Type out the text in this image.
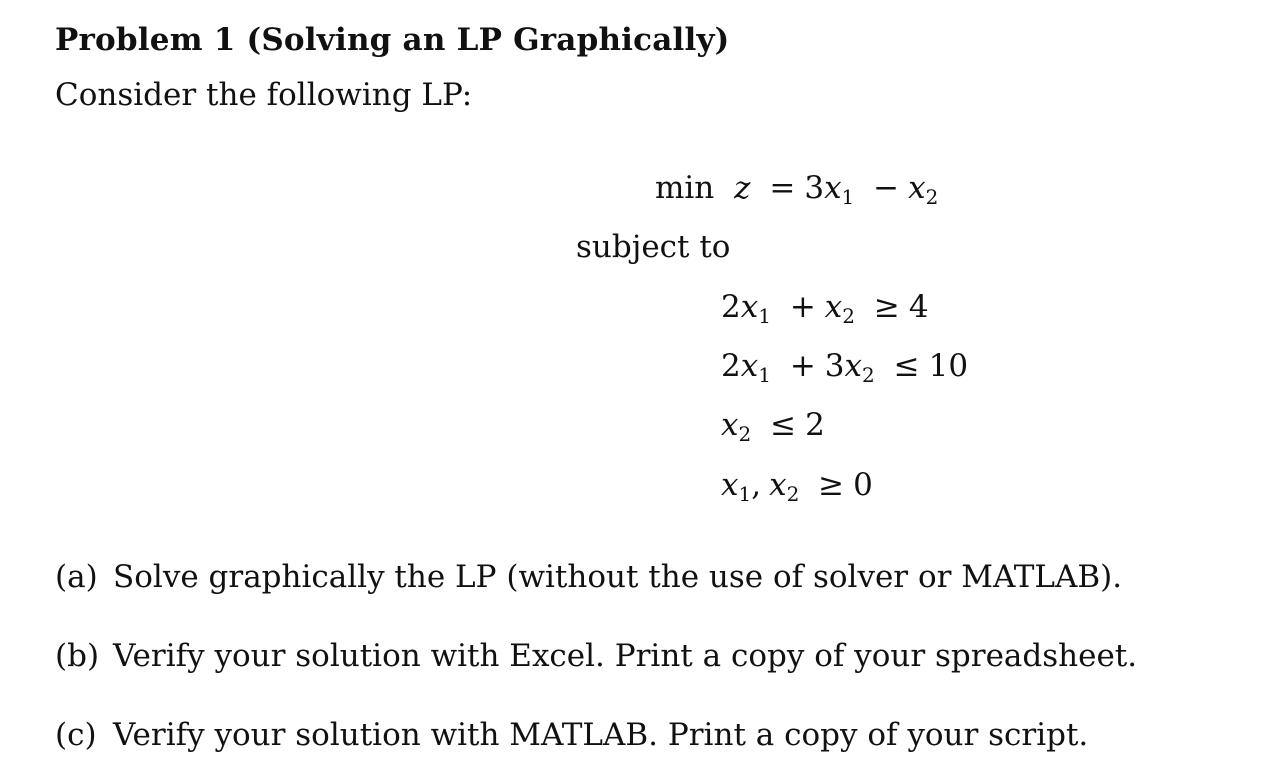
Problem 1 (Solving an LP Graphically)
Consider the following LP:
min z = 3x1 − x2
subject to
2x1 + x2 ≥ 4
2x1 + 3x2 ≤ 10
x2 ≤ 2
x1, x2 ≥ 0
(a) Solve graphically the LP (without the use of solver or MATLAB).
(b) Verify your solution with Excel. Print a copy of your spreadsheet.
(c) Verify your solution with MATLAB. Print a copy of your script.
